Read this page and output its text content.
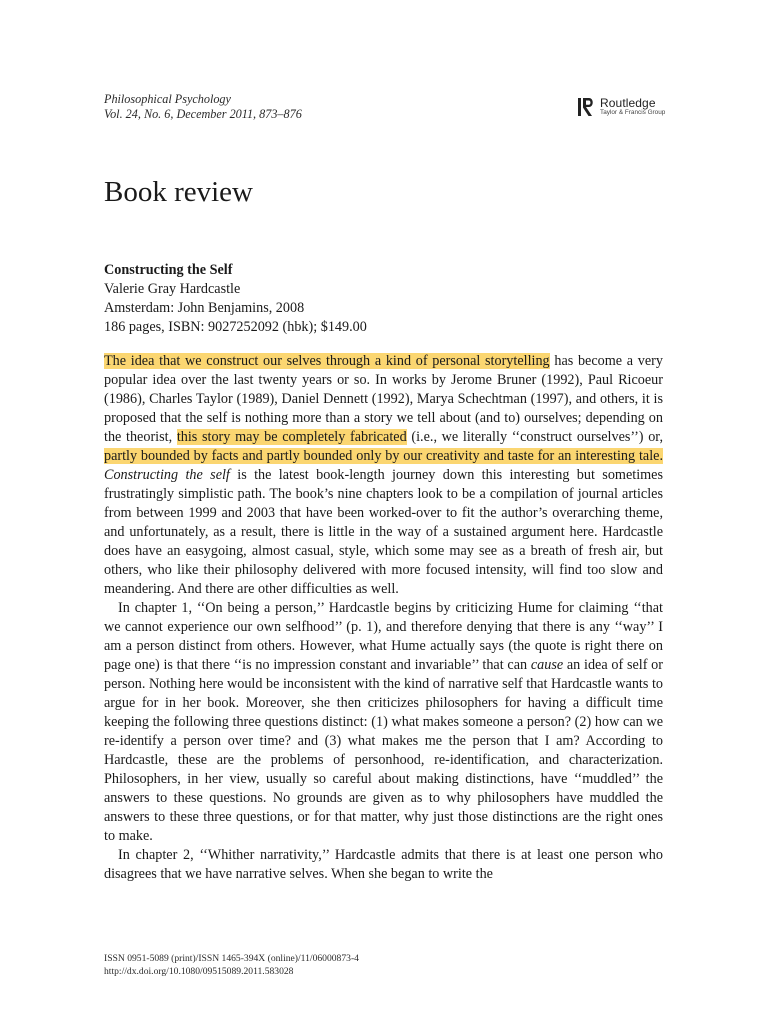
Philosophical Psychology
Vol. 24, No. 6, December 2011, 873–876
Routledge
Taylor & Francis Group
Book review
Constructing the Self
Valerie Gray Hardcastle
Amsterdam: John Benjamins, 2008
186 pages, ISBN: 9027252092 (hbk); $149.00

The idea that we construct our selves through a kind of personal storytelling has become a very popular idea over the last twenty years or so. In works by Jerome Bruner (1992), Paul Ricoeur (1986), Charles Taylor (1989), Daniel Dennett (1992), Marya Schechtman (1997), and others, it is proposed that the self is nothing more than a story we tell about (and to) ourselves; depending on the theorist, this story may be completely fabricated (i.e., we literally ‘‘construct ourselves’’) or, partly bounded by facts and partly bounded only by our creativity and taste for an interesting tale. Constructing the self is the latest book-length journey down this interesting but sometimes frustratingly simplistic path. The book’s nine chapters look to be a compilation of journal articles from between 1999 and 2003 that have been worked-over to fit the author’s overarching theme, and unfortunately, as a result, there is little in the way of a sustained argument here. Hardcastle does have an easygoing, almost casual, style, which some may see as a breath of fresh air, but others, who like their philosophy delivered with more focused intensity, will find too slow and meandering. And there are other difficulties as well.

In chapter 1, ‘‘On being a person,’’ Hardcastle begins by criticizing Hume for claiming ‘‘that we cannot experience our own selfhood’’ (p. 1), and therefore denying that there is any ‘‘way’’ I am a person distinct from others. However, what Hume actually says (the quote is right there on page one) is that there ‘‘is no impression constant and invariable’’ that can cause an idea of self or person. Nothing here would be inconsistent with the kind of narrative self that Hardcastle wants to argue for in her book. Moreover, she then criticizes philosophers for having a difficult time keeping the following three questions distinct: (1) what makes someone a person? (2) how can we re-identify a person over time? and (3) what makes me the person that I am? According to Hardcastle, these are the problems of personhood, re-identification, and characterization. Philosophers, in her view, usually so careful about making distinctions, have ‘‘muddled’’ the answers to these questions. No grounds are given as to why philosophers have muddled the answers to these three questions, or for that matter, why just those distinctions are the right ones to make.

In chapter 2, ‘‘Whither narrativity,’’ Hardcastle admits that there is at least one person who disagrees that we have narrative selves. When she began to write the

ISSN 0951-5089 (print)/ISSN 1465-394X (online)/11/06000873-4
http://dx.doi.org/10.1080/09515089.2011.583028
